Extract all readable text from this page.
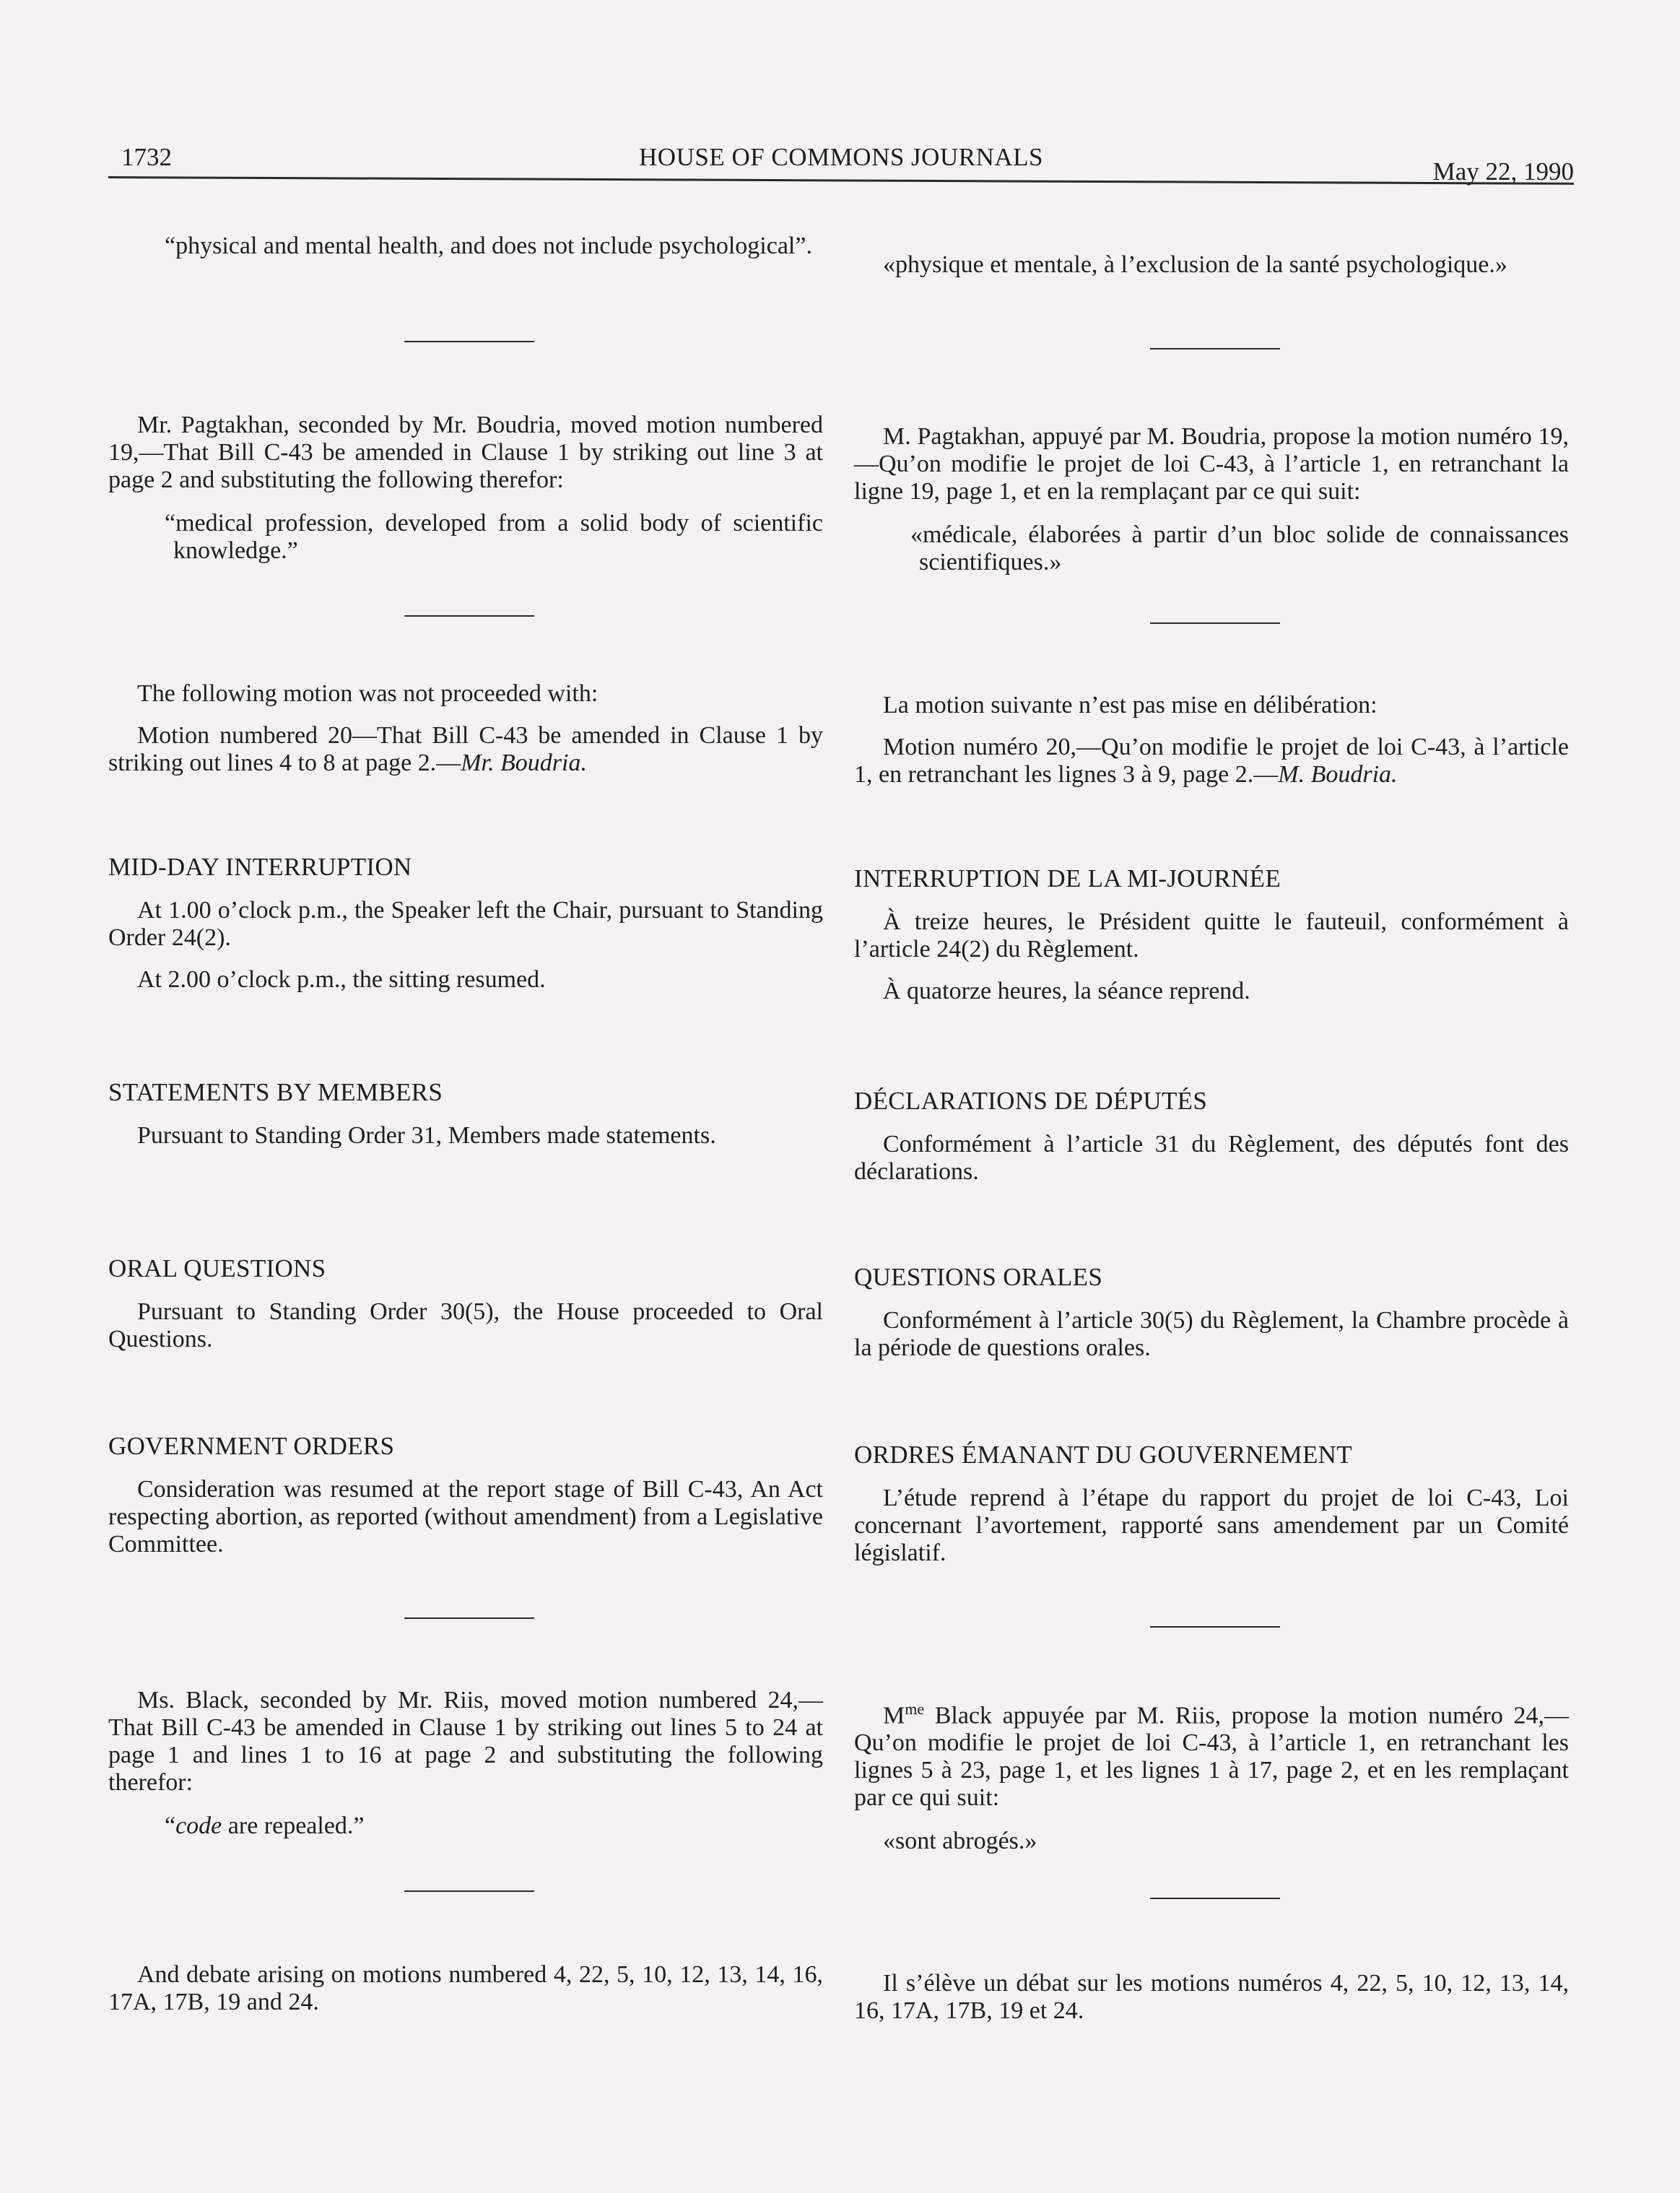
1732	HOUSE OF COMMONS JOURNALS
May 22, 1990

“physical and mental health, and does not include psychological”.

Mr. Pagtakhan, seconded by Mr. Boudria, moved motion numbered 19,—That Bill C-43 be amended in Clause 1 by striking out line 3 at page 2 and substituting the following therefor:

“medical profession, developed from a solid body of scientific knowledge.”

The following motion was not proceeded with:

Motion numbered 20—That Bill C-43 be amended in Clause 1 by striking out lines 4 to 8 at page 2.—Mr. Boudria.

MID-DAY INTERRUPTION

At 1.00 o’clock p.m., the Speaker left the Chair, pursuant to Standing Order 24(2).

At 2.00 o’clock p.m., the sitting resumed.

STATEMENTS BY MEMBERS

Pursuant to Standing Order 31, Members made statements.

ORAL QUESTIONS

Pursuant to Standing Order 30(5), the House proceeded to Oral Questions.

GOVERNMENT ORDERS

Consideration was resumed at the report stage of Bill C-43, An Act respecting abortion, as reported (without amendment) from a Legislative Committee.

Ms. Black, seconded by Mr. Riis, moved motion numbered 24,—That Bill C-43 be amended in Clause 1 by striking out lines 5 to 24 at page 1 and lines 1 to 16 at page 2 and substituting the following therefor:

“code are repealed.”

And debate arising on motions numbered 4, 22, 5, 10, 12, 13, 14, 16, 17A, 17B, 19 and 24.

«physique et mentale, à l’exclusion de la santé psychologique.»

M. Pagtakhan, appuyé par M. Boudria, propose la motion numéro 19,—Qu’on modifie le projet de loi C-43, à l’article 1, en retranchant la ligne 19, page 1, et en la remplaçant par ce qui suit:

«médicale, élaborées à partir d’un bloc solide de connaissances scientifiques.»

La motion suivante n’est pas mise en délibération:

Motion numéro 20,—Qu’on modifie le projet de loi C-43, à l’article 1, en retranchant les lignes 3 à 9, page 2.—M. Boudria.

INTERRUPTION DE LA MI-JOURNÉE

À treize heures, le Président quitte le fauteuil, conformément à l’article 24(2) du Règlement.

À quatorze heures, la séance reprend.

DÉCLARATIONS DE DÉPUTÉS

Conformément à l’article 31 du Règlement, des députés font des déclarations.

QUESTIONS ORALES

Conformément à l’article 30(5) du Règlement, la Chambre procède à la période de questions orales.

ORDRES ÉMANANT DU GOUVERNEMENT

L’étude reprend à l’étape du rapport du projet de loi C-43, Loi concernant l’avortement, rapporté sans amendement par un Comité législatif.

$M^{me}$ Black appuyée par M. Riis, propose la motion numéro 24,—Qu’on modifie le projet de loi C-43, à l’article 1, en retranchant les lignes 5 à 23, page 1, et les lignes 1 à 17, page 2, et en les remplaçant par ce qui suit:

«sont abrogés.»

Il s’élève un débat sur les motions numéros 4, 22, 5, 10, 12, 13, 14, 16, 17A, 17B, 19 et 24.
